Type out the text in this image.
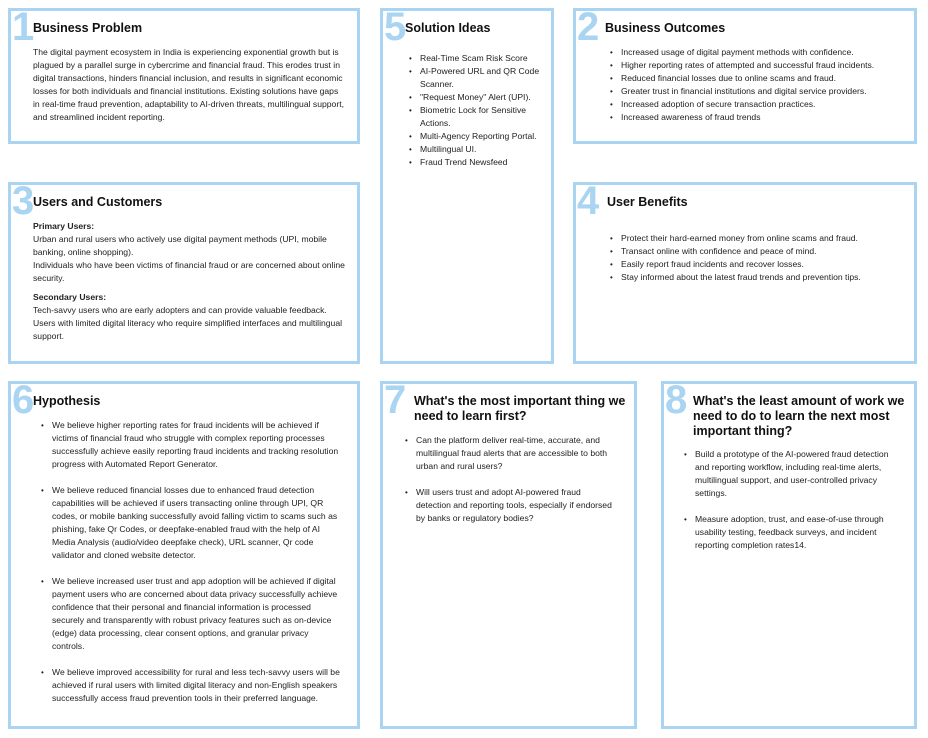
1
Business Problem

The digital payment ecosystem in India is experiencing exponential growth but is plagued by a parallel surge in cybercrime and financial fraud. This erodes trust in digital transactions, hinders financial inclusion, and results in significant economic losses for both individuals and financial institutions. Existing solutions have gaps in real-time fraud prevention, adaptability to AI-driven threats, multilingual support, and streamlined incident reporting.

5
Solution Ideas
• Real-Time Scam Risk Score
• AI-Powered URL and QR Code Scanner.
• "Request Money" Alert (UPI).
• Biometric Lock for Sensitive Actions.
• Multi-Agency Reporting Portal.
• Multilingual UI.
• Fraud Trend Newsfeed
2 Business Outcomes
• Increased usage of digital payment methods with confidence.
• Higher reporting rates of attempted and successful fraud incidents.
• Reduced financial losses due to online scams and fraud.
• Greater trust in financial institutions and digital service providers.
• Increased adoption of secure transaction practices.
• Increased awareness of fraud trends
3
Users and Customers

Primary Users:

Urban and rural users who actively use digital payment methods (UPI, mobile banking, online shopping).

Individuals who have been victims of financial fraud or are concerned about online security.

Secondary Users:

Tech-savvy users who are early adopters and can provide valuable feedback.

Users with limited digital literacy who require simplified interfaces and multilingual support.

4 User Benefits
• Protect their hard-earned money from online scams and fraud.
• Transact online with confidence and peace of mind.
• Easily report fraud incidents and recover losses.
• Stay informed about the latest fraud trends and prevention tips.
6
Hypothesis
• We believe higher reporting rates for fraud incidents will be achieved if victims of financial fraud who struggle with complex reporting processes successfully achieve easily reporting fraud incidents and tracking resolution progress with Automated Report Generator.
• We believe reduced financial losses due to enhanced fraud detection capabilities will be achieved if users transacting online through UPI, QR codes, or mobile banking successfully avoid falling victim to scams such as phishing, fake Qr Codes, or deepfake-enabled fraud with the help of AI Media Analysis (audio/video deepfake check), URL scanner, Qr code validator and cloned website detector.
• We believe increased user trust and app adoption will be achieved if digital payment users who are concerned about data privacy successfully achieve confidence that their personal and financial information is processed securely and transparently with robust privacy features such as on-device (edge) data processing, clear consent options, and granular privacy controls.
• We believe improved accessibility for rural and less tech-savvy users will be achieved if rural users with limited digital literacy and non-English speakers successfully access fraud prevention tools in their preferred language.
7 What's the most important thing we need to learn first?
• Can the platform deliver real-time, accurate, and multilingual fraud alerts that are accessible to both urban and rural users?
• Will users trust and adopt AI-powered fraud detection and reporting tools, especially if endorsed by banks or regulatory bodies?
8 What's the least amount of work we need to do to learn the next most important thing?
• Build a prototype of the AI-powered fraud detection and reporting workflow, including real-time alerts, multilingual support, and user-controlled privacy settings.
• Measure adoption, trust, and ease-of-use through usability testing, feedback surveys, and incident reporting completion rates14.
